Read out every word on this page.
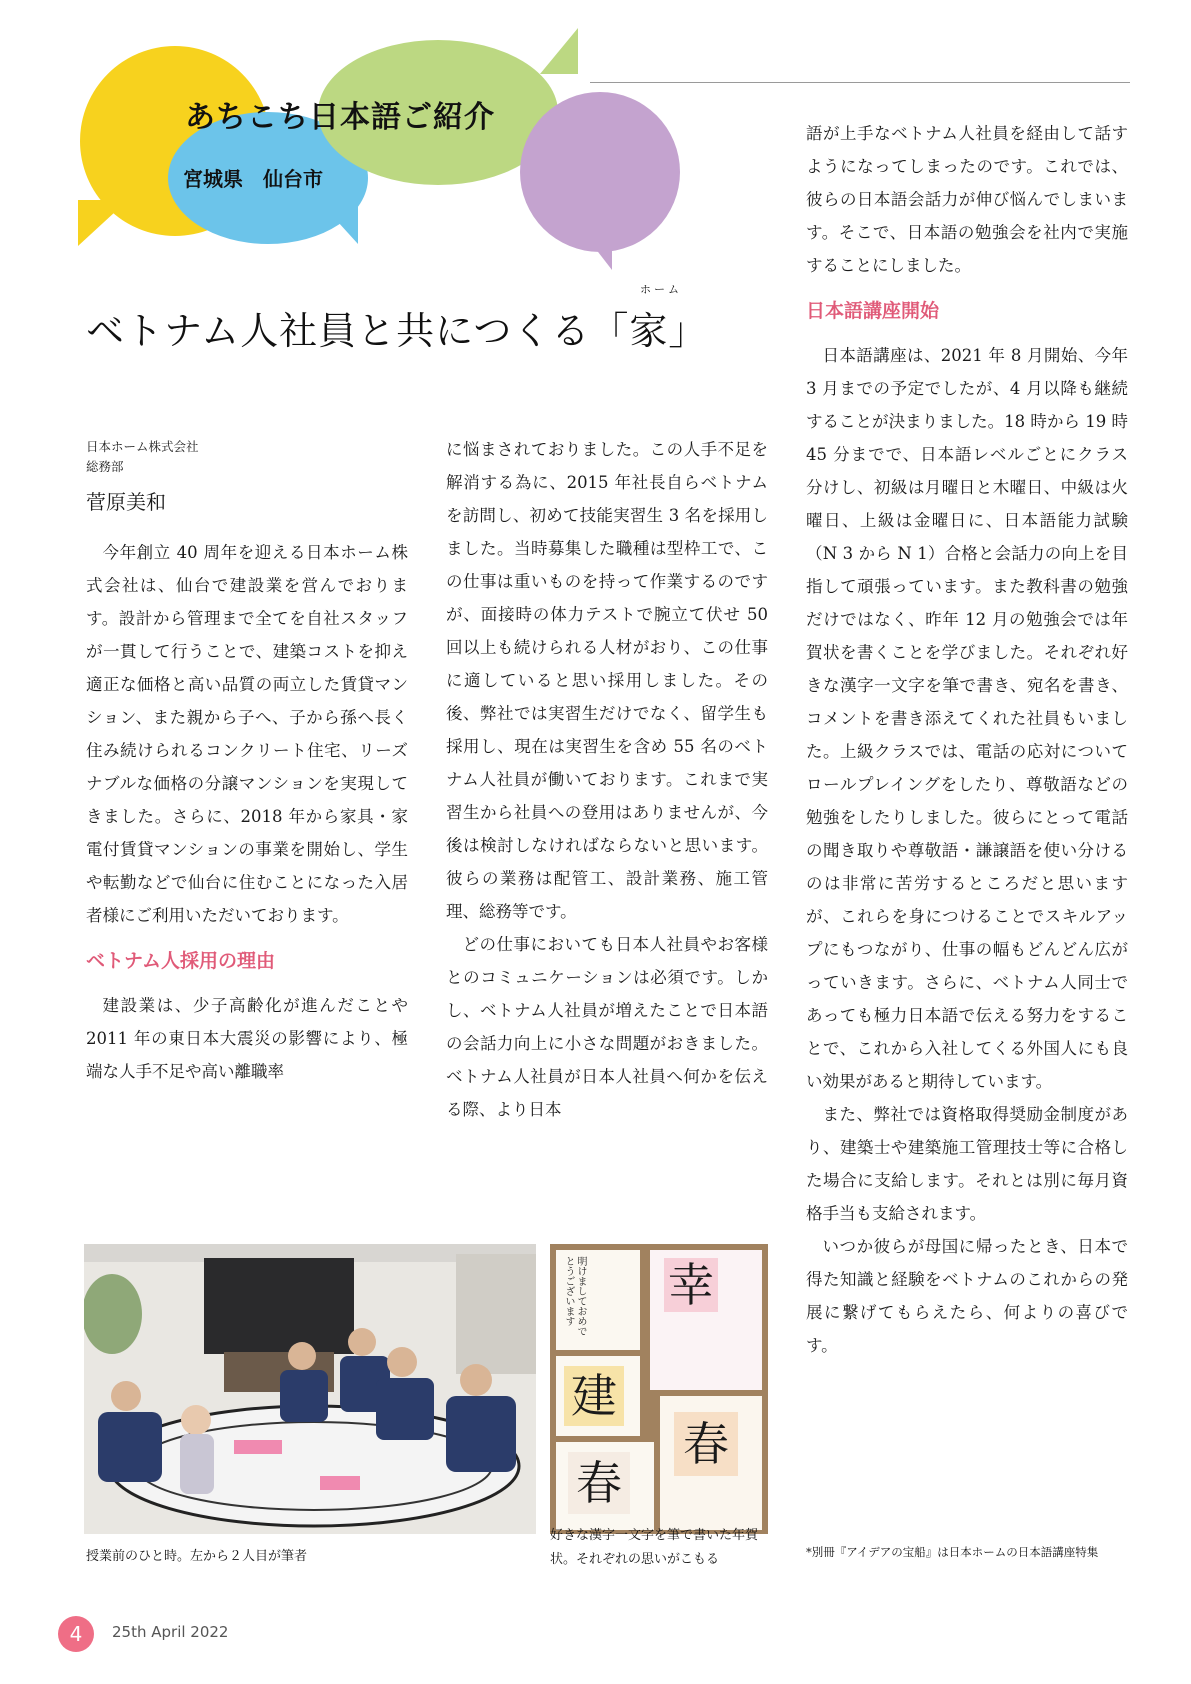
あちこち日本語ご紹介
宮城県　仙台市
ホーム
ベトナム人社員と共につくる「家」
日本ホーム株式会社
総務部
菅原美和

今年創立 40 周年を迎える日本ホーム株式会社は、仙台で建設業を営んでおります。設計から管理まで全てを自社スタッフが一貫して行うことで、建築コストを抑え適正な価格と高い品質の両立した賃貸マンション、また親から子へ、子から孫へ長く住み続けられるコンクリート住宅、リーズナブルな価格の分譲マンションを実現してきました。さらに、2018 年から家具・家電付賃貸マンションの事業を開始し、学生や転勤などで仙台に住むことになった入居者様にご利用いただいております。

ベトナム人採用の理由

建設業は、少子高齢化が進んだことや 2011 年の東日本大震災の影響により、極端な人手不足や高い離職率

に悩まされておりました。この人手不足を解消する為に、2015 年社長自らベトナムを訪問し、初めて技能実習生 3 名を採用しました。当時募集した職種は型枠工で、この仕事は重いものを持って作業するのですが、面接時の体力テストで腕立て伏せ 50 回以上も続けられる人材がおり、この仕事に適していると思い採用しました。その後、弊社では実習生だけでなく、留学生も採用し、現在は実習生を含め 55 名のベトナム人社員が働いております。これまで実習生から社員への登用はありませんが、今後は検討しなければならないと思います。彼らの業務は配管工、設計業務、施工管理、総務等です。

どの仕事においても日本人社員やお客様とのコミュニケーションは必須です。しかし、ベトナム人社員が増えたことで日本語の会話力向上に小さな問題がおきました。ベトナム人社員が日本人社員へ何かを伝える際、より日本

語が上手なベトナム人社員を経由して話すようになってしまったのです。これでは、彼らの日本語会話力が伸び悩んでしまいます。そこで、日本語の勉強会を社内で実施することにしました。

日本語講座開始

日本語講座は、2021 年 8 月開始、今年 3 月までの予定でしたが、4 月以降も継続することが決まりました。18 時から 19 時 45 分までで、日本語レベルごとにクラス分けし、初級は月曜日と木曜日、中級は火曜日、上級は金曜日に、日本語能力試験（N 3 から N 1）合格と会話力の向上を目指して頑張っています。また教科書の勉強だけではなく、昨年 12 月の勉強会では年賀状を書くことを学びました。それぞれ好きな漢字一文字を筆で書き、宛名を書き、コメントを書き添えてくれた社員もいました。上級クラスでは、電話の応対についてロールプレイングをしたり、尊敬語などの勉強をしたりしました。彼らにとって電話の聞き取りや尊敬語・謙譲語を使い分けるのは非常に苦労するところだと思いますが、これらを身につけることでスキルアップにもつながり、仕事の幅もどんどん広がっていきます。さらに、ベトナム人同士であっても極力日本語で伝える努力をすることで、これから入社してくる外国人にも良い効果があると期待しています。

また、弊社では資格取得奨励金制度があり、建築士や建築施工管理技士等に合格した場合に支給します。それとは別に毎月資格手当も支給されます。

いつか彼らが母国に帰ったとき、日本で得た知識と経験をベトナムのこれからの発展に繋げてもらえたら、何よりの喜びです。

授業前のひと時。左から２人目が筆者
明けましておめでとうございます	幸
建
春
春
好きな漢字一文字を筆で書いた年賀状。それぞれの思いがこもる	*別冊『アイデアの宝船』は日本ホームの日本語講座特集
4	25th April 2022
